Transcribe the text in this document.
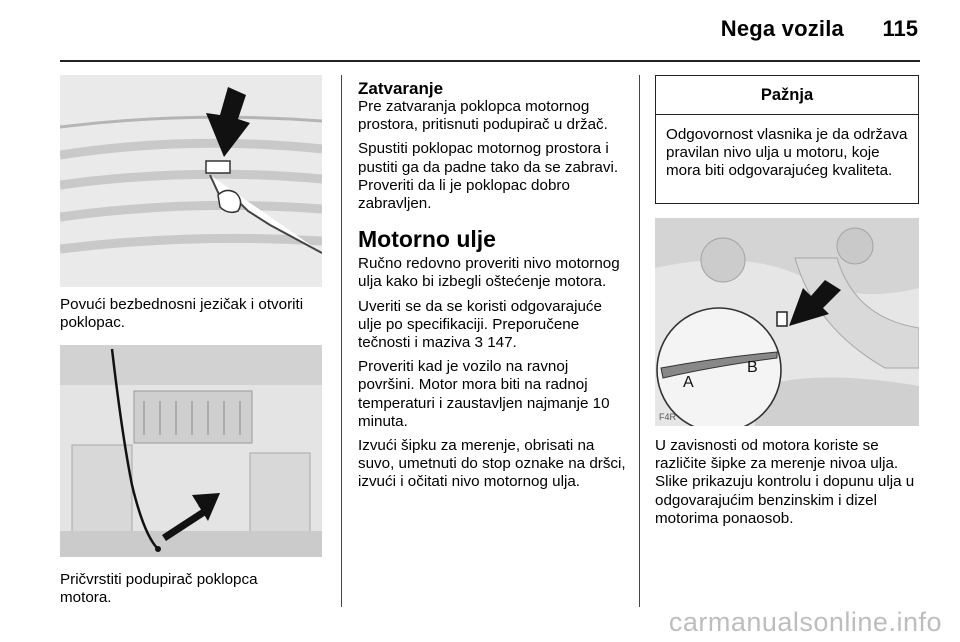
Nega vozila 115
Povući bezbednosni jezičak i otvoriti poklopac.
Pričvrstiti podupirač poklopca motora.
Zatvaranje

Pre zatvaranja poklopca motornog prostora, pritisnuti podupirač u držač.

Spustiti poklopac motornog prostora i pustiti ga da padne tako da se zabravi. Proveriti da li je poklopac dobro zabravljen.

Motorno ulje

Ručno redovno proveriti nivo motornog ulja kako bi izbegli oštećenje motora.

Uveriti se da se koristi odgovarajuće ulje po specifikaciji. Preporučene tečnosti i maziva 3 147.

Proveriti kad je vozilo na ravnoj površini. Motor mora biti na radnoj temperaturi i zaustavljen najmanje 10 minuta.

Izvući šipku za merenje, obrisati na suvo, umetnuti do stop oznake na dršci, izvući i očitati nivo motornog ulja.

Pažnja
Odgovornost vlasnika je da održava pravilan nivo ulja u motoru, koje mora biti odgovarajućeg kvaliteta.
A
B
F4R
U zavisnosti od motora koriste se različite šipke za merenje nivoa ulja. Slike prikazuju kontrolu i dopunu ulja u odgovarajućim benzinskim i dizel motorima ponaosob.
carmanualsonline.info
